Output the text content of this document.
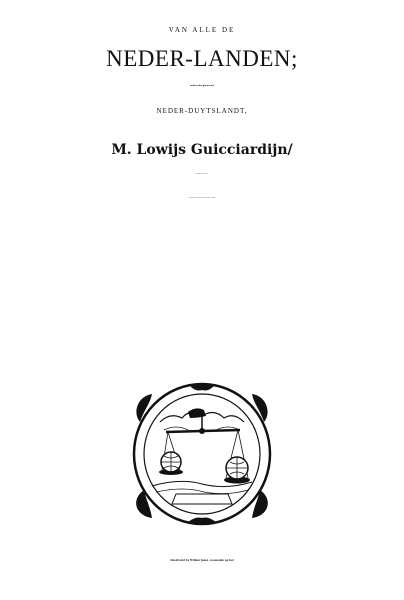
VAN ALLE DE
NEDER-LANDEN;
anderssins ghenoemt
NEDER-DUYTSLANDT,
M. Lowijs Guicciardijn/
Edelman van Florencen:
Oversien ende vermeerdert meer dan de helst by
Ghedruckt by Willem Jansz. woonende op het
